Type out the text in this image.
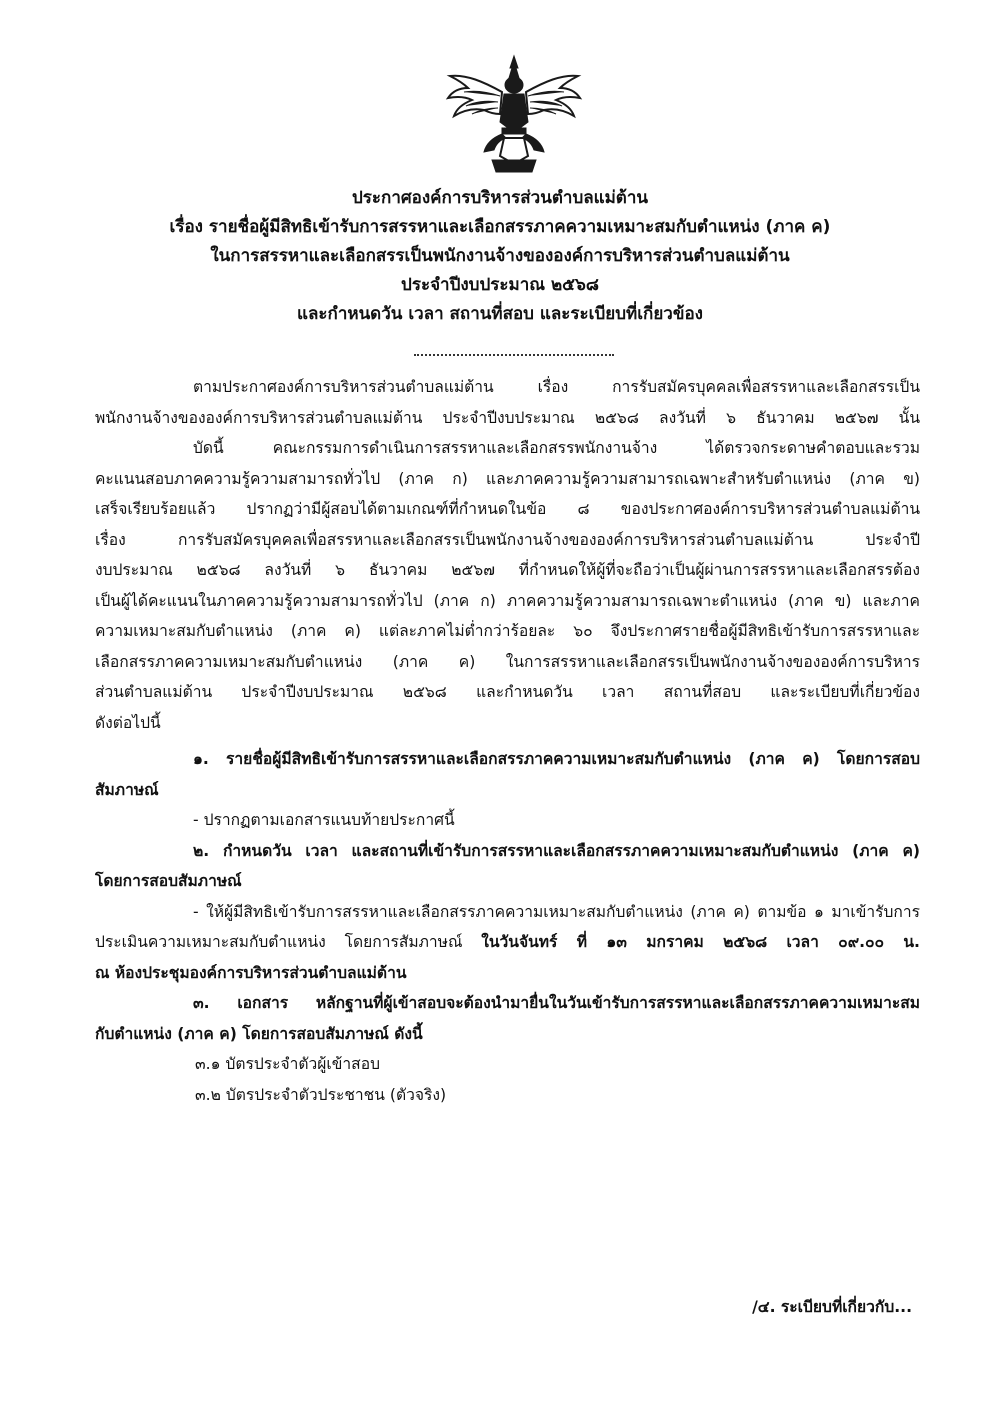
ประกาศองค์การบริหารส่วนตำบลแม่ต้าน
เรื่อง รายชื่อผู้มีสิทธิเข้ารับการสรรหาและเลือกสรรภาคความเหมาะสมกับตำแหน่ง (ภาค ค)
ในการสรรหาและเลือกสรรเป็นพนักงานจ้างขององค์การบริหารส่วนตำบลแม่ต้าน
ประจำปีงบประมาณ ๒๕๖๘
และกำหนดวัน เวลา สถานที่สอบ และระเบียบที่เกี่ยวข้อง
ตามประกาศองค์การบริหารส่วนตำบลแม่ต้าน เรื่อง การรับสมัครบุคคลเพื่อสรรหาและเลือกสรรเป็น
พนักงานจ้างขององค์การบริหารส่วนตำบลแม่ต้าน ประจำปีงบประมาณ ๒๕๖๘ ลงวันที่ ๖ ธันวาคม ๒๕๖๗ นั้น
บัดนี้ คณะกรรมการดำเนินการสรรหาและเลือกสรรพนักงานจ้าง ได้ตรวจกระดาษคำตอบและรวม
คะแนนสอบภาคความรู้ความสามารถทั่วไป (ภาค ก) และภาคความรู้ความสามารถเฉพาะสำหรับตำแหน่ง (ภาค ข)
เสร็จเรียบร้อยแล้ว ปรากฏว่ามีผู้สอบได้ตามเกณฑ์ที่กำหนดในข้อ ๘ ของประกาศองค์การบริหารส่วนตำบลแม่ต้าน
เรื่อง การรับสมัครบุคคลเพื่อสรรหาและเลือกสรรเป็นพนักงานจ้างขององค์การบริหารส่วนตำบลแม่ต้าน ประจำปี
งบประมาณ ๒๕๖๘ ลงวันที่ ๖ ธันวาคม ๒๕๖๗ ที่กำหนดให้ผู้ที่จะถือว่าเป็นผู้ผ่านการสรรหาและเลือกสรรต้อง
เป็นผู้ได้คะแนนในภาคความรู้ความสามารถทั่วไป (ภาค ก) ภาคความรู้ความสามารถเฉพาะตำแหน่ง (ภาค ข) และภาค
ความเหมาะสมกับตำแหน่ง (ภาค ค) แต่ละภาคไม่ต่ำกว่าร้อยละ ๖๐ จึงประกาศรายชื่อผู้มีสิทธิเข้ารับการสรรหาและ
เลือกสรรภาคความเหมาะสมกับตำแหน่ง (ภาค ค) ในการสรรหาและเลือกสรรเป็นพนักงานจ้างขององค์การบริหาร
ส่วนตำบลแม่ต้าน ประจำปีงบประมาณ ๒๕๖๘ และกำหนดวัน เวลา สถานที่สอบ และระเบียบที่เกี่ยวข้อง
ดังต่อไปนี้
๑. รายชื่อผู้มีสิทธิเข้ารับการสรรหาและเลือกสรรภาคความเหมาะสมกับตำแหน่ง (ภาค ค) โดยการสอบ
สัมภาษณ์
- ปรากฏตามเอกสารแนบท้ายประกาศนี้
๒. กำหนดวัน เวลา และสถานที่เข้ารับการสรรหาและเลือกสรรภาคความเหมาะสมกับตำแหน่ง (ภาค ค)
โดยการสอบสัมภาษณ์
- ให้ผู้มีสิทธิเข้ารับการสรรหาและเลือกสรรภาคความเหมาะสมกับตำแหน่ง (ภาค ค) ตามข้อ ๑ มาเข้ารับการ
ประเมินความเหมาะสมกับตำแหน่ง โดยการสัมภาษณ์ ในวันจันทร์ ที่ ๑๓ มกราคม ๒๕๖๘ เวลา ๐๙.๐๐ น.
ณ ห้องประชุมองค์การบริหารส่วนตำบลแม่ต้าน
๓. เอกสาร หลักฐานที่ผู้เข้าสอบจะต้องนำมายื่นในวันเข้ารับการสรรหาและเลือกสรรภาคความเหมาะสม
กับตำแหน่ง (ภาค ค) โดยการสอบสัมภาษณ์ ดังนี้
๓.๑ บัตรประจำตัวผู้เข้าสอบ
๓.๒ บัตรประจำตัวประชาชน (ตัวจริง)
/๔. ระเบียบที่เกี่ยวกับ...
